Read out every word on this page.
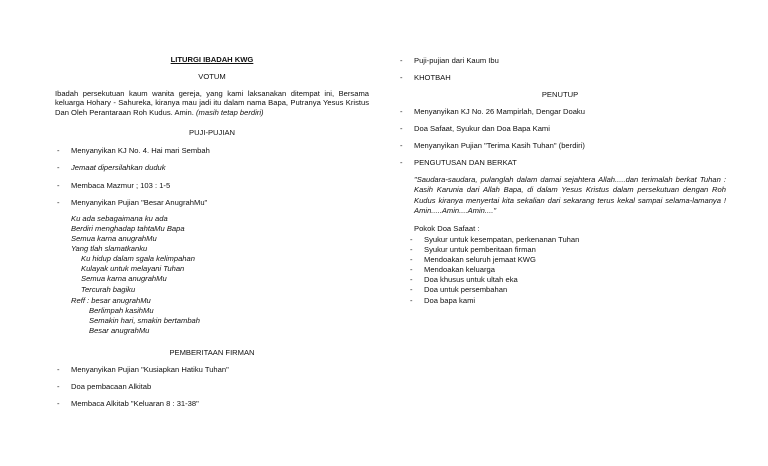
LITURGI IBADAH KWG
VOTUM
Ibadah persekutuan kaum wanita gereja, yang kami laksanakan ditempat ini, Bersama keluarga Hohary - Sahureka, kiranya mau jadi itu dalam nama Bapa, Putranya Yesus Kristus Dan Oleh Perantaraan Roh Kudus. Amin. (masih tetap berdiri)
PUJI-PUJIAN
- Menyanyikan KJ No. 4. Hai mari Sembah
- Jemaat dipersilahkan duduk
- Membaca Mazmur ; 103 : 1-5
- Menyanyikan Pujian "Besar AnugrahMu"
Ku ada sebagaimana ku ada
Berdiri menghadap tahtaMu Bapa
Semua karna anugrahMu
Yang tlah slamatkanku
Ku hidup dalam sgala kelimpahan
Kulayak untuk melayani Tuhan
Semua karna anugrahMu
Tercurah bagiku
Reff : besar anugrahMu
Berlimpah kasihMu
Semakin hari, smakin bertambah
Besar anugrahMu
PEMBERITAAN FIRMAN
- Menyanyikan Pujian "Kusiapkan Hatiku Tuhan"
- Doa pembacaan Alkitab
- Membaca Alkitab "Keluaran 8 : 31-38"
- Puji-pujian dari Kaum Ibu
- KHOTBAH
PENUTUP
- Menyanyikan KJ No. 26 Mampirlah, Dengar Doaku
- Doa Safaat, Syukur dan Doa Bapa Kami
- Menyanyikan Pujian "Terima Kasih Tuhan" (berdiri)
- PENGUTUSAN DAN BERKAT
"Saudara-saudara, pulanglah dalam damai sejahtera Allah.....dan terimalah berkat Tuhan : Kasih Karunia dari Allah Bapa, di dalam Yesus Kristus dalam persekutuan dengan Roh Kudus kiranya menyertai kita sekalian dari sekarang terus kekal sampai selama-lamanya ! Amin.....Amin....Amin...."
Pokok Doa Safaat :
- Syukur untuk kesempatan, perkenanan Tuhan
- Syukur untuk pemberitaan firman
- Mendoakan seluruh jemaat KWG
- Mendoakan keluarga
- Doa khusus untuk ultah eka
- Doa untuk persembahan
- Doa bapa kami
